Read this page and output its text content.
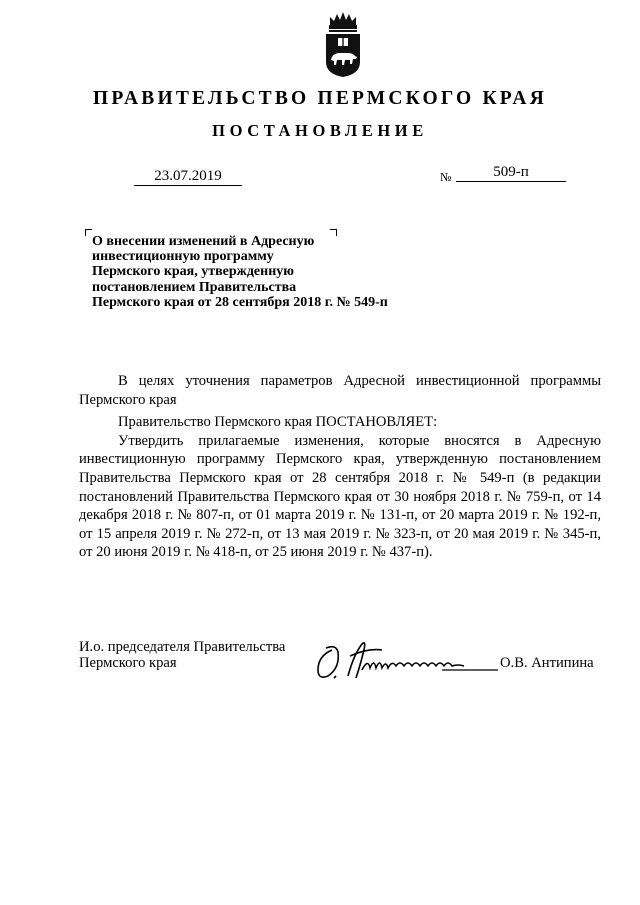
ПРАВИТЕЛЬСТВО ПЕРМСКОГО КРАЯ
ПОСТАНОВЛЕНИЕ
23.07.2019	№	509-п
О внесении изменений в Адресную
инвестиционную программу
Пермского края, утвержденную
постановлением Правительства
Пермского края от 28 сентября 2018 г. № 549-п

В целях уточнения параметров Адресной инвестиционной программы Пермского края

Правительство Пермского края ПОСТАНОВЛЯЕТ:

Утвердить прилагаемые изменения, которые вносятся в Адресную инвестиционную программу Пермского края, утвержденную постановлением Правительства Пермского края от 28 сентября 2018 г. № 549-п (в редакции постановлений Правительства Пермского края от 30 ноября 2018 г. № 759-п, от 14 декабря 2018 г. № 807-п, от 01 марта 2019 г. № 131-п, от 20 марта 2019 г. № 192-п, от 15 апреля 2019 г. № 272-п, от 13 мая 2019 г. № 323-п, от 20 мая 2019 г. № 345-п, от 20 июня 2019 г. № 418-п, от 25 июня 2019 г. № 437-п).

И.о. председателя Правительства
Пермского края	О.В. Антипина
